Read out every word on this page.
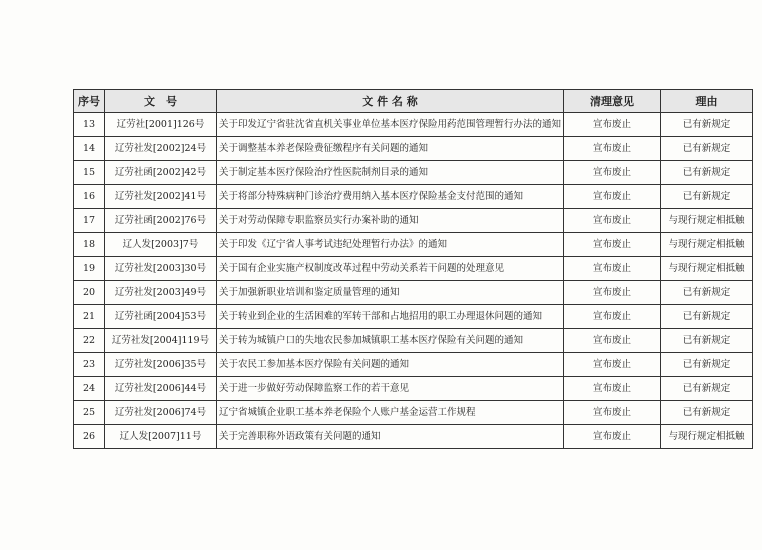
序号	文　号	文 件 名 称	清理意见	理由
13	辽劳社[2001]126号	关于印发辽宁省驻沈省直机关事业单位基本医疗保险用药范围管理暂行办法的通知	宣布废止	已有新规定
14	辽劳社发[2002]24号	关于调整基本养老保险费征缴程序有关问题的通知	宣布废止	已有新规定
15	辽劳社函[2002]42号	关于制定基本医疗保险治疗性医院制剂目录的通知	宣布废止	已有新规定
16	辽劳社发[2002]41号	关于将部分特殊病种门诊治疗费用纳入基本医疗保险基金支付范围的通知	宣布废止	已有新规定
17	辽劳社函[2002]76号	关于对劳动保障专职监察员实行办案补助的通知	宣布废止	与现行规定相抵触
18	辽人发[2003]7号	关于印发《辽宁省人事考试违纪处理暂行办法》的通知	宣布废止	与现行规定相抵触
19	辽劳社发[2003]30号	关于国有企业实施产权制度改革过程中劳动关系若干问题的处理意见	宣布废止	与现行规定相抵触
20	辽劳社发[2003]49号	关于加强新职业培训和鉴定质量管理的通知	宣布废止	已有新规定
21	辽劳社函[2004]53号	关于转业到企业的生活困难的军转干部和占地招用的职工办理退休问题的通知	宣布废止	已有新规定
22	辽劳社发[2004]119号	关于转为城镇户口的失地农民参加城镇职工基本医疗保险有关问题的通知	宣布废止	已有新规定
23	辽劳社发[2006]35号	关于农民工参加基本医疗保险有关问题的通知	宣布废止	已有新规定
24	辽劳社发[2006]44号	关于进一步做好劳动保障监察工作的若干意见	宣布废止	已有新规定
25	辽劳社发[2006]74号	辽宁省城镇企业职工基本养老保险个人账户基金运营工作规程	宣布废止	已有新规定
26	辽人发[2007]11号	关于完善职称外语政策有关问题的通知	宣布废止	与现行规定相抵触
